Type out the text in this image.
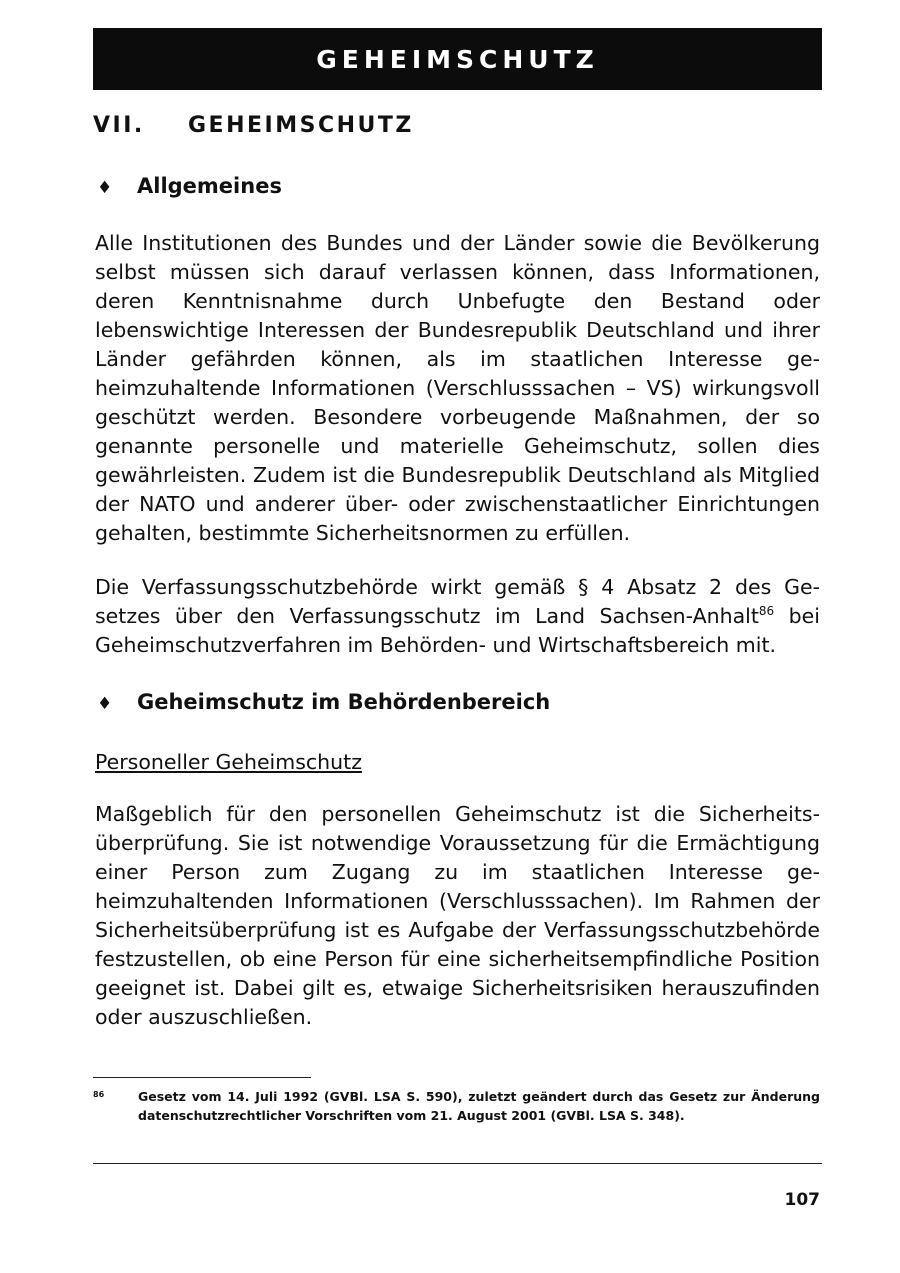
GEHEIMSCHUTZ
VII. GEHEIMSCHUTZ
♦ Allgemeines

Alle Institutionen des Bundes und der Länder sowie die Bevölkerung selbst müssen sich darauf verlassen können, dass Informationen, deren Kenntnisnahme durch Unbefugte den Bestand oder lebenswichtige Interessen der Bundesrepublik Deutschland und ihrer Länder gefährden können, als im staatlichen Interesse geheimzuhaltende Informationen (Verschlusssachen – VS) wirkungsvoll geschützt werden. Besondere vorbeugende Maßnahmen, der so genannte personelle und materielle Geheimschutz, sollen dies gewährleisten. Zudem ist die Bundesrepublik Deutschland als Mitglied der NATO und anderer über- oder zwischenstaatlicher Einrichtungen gehalten, bestimmte Sicherheitsnormen zu erfüllen.

Die Verfassungsschutzbehörde wirkt gemäß § 4 Absatz 2 des Gesetzes über den Verfassungsschutz im Land Sachsen-Anhalt$^{86}$ bei Geheimschutzverfahren im Behörden- und Wirtschaftsbereich mit.

♦ Geheimschutz im Behördenbereich
Personeller Geheimschutz

Maßgeblich für den personellen Geheimschutz ist die Sicherheitsüberprüfung. Sie ist notwendige Voraussetzung für die Ermächtigung einer Person zum Zugang zu im staatlichen Interesse geheimzuhaltenden Informationen (Verschlusssachen). Im Rahmen der Sicherheitsüberprüfung ist es Aufgabe der Verfassungsschutzbehörde festzustellen, ob eine Person für eine sicherheitsempfindliche Position geeignet ist. Dabei gilt es, etwaige Sicherheitsrisiken herauszufinden oder auszuschließen.

86	Gesetz vom 14. Juli 1992 (GVBl. LSA S. 590), zuletzt geändert durch das Gesetz zur Änderung datenschutzrechtlicher Vorschriften vom 21. August 2001 (GVBl. LSA S. 348).
107
